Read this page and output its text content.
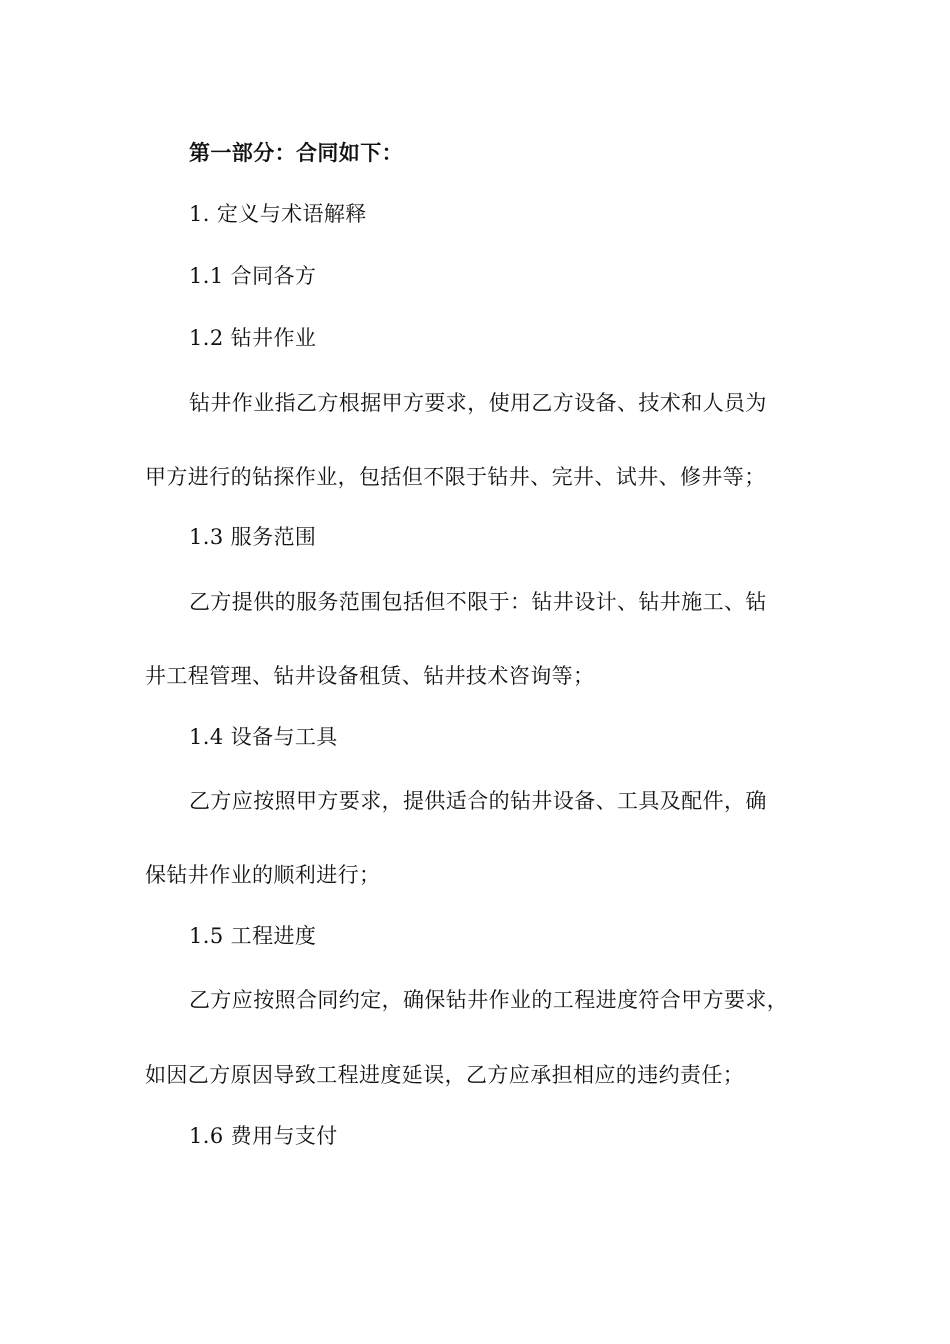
第一部分：合同如下：
1. 定义与术语解释
1.1 合同各方
1.2 钻井作业
钻井作业指乙方根据甲方要求，使用乙方设备、技术和人员为
甲方进行的钻探作业，包括但不限于钻井、完井、试井、修井等；
1.3 服务范围
乙方提供的服务范围包括但不限于：钻井设计、钻井施工、钻
井工程管理、钻井设备租赁、钻井技术咨询等；
1.4 设备与工具
乙方应按照甲方要求，提供适合的钻井设备、工具及配件，确
保钻井作业的顺利进行；
1.5 工程进度
乙方应按照合同约定，确保钻井作业的工程进度符合甲方要求，
如因乙方原因导致工程进度延误，乙方应承担相应的违约责任；
1.6 费用与支付
